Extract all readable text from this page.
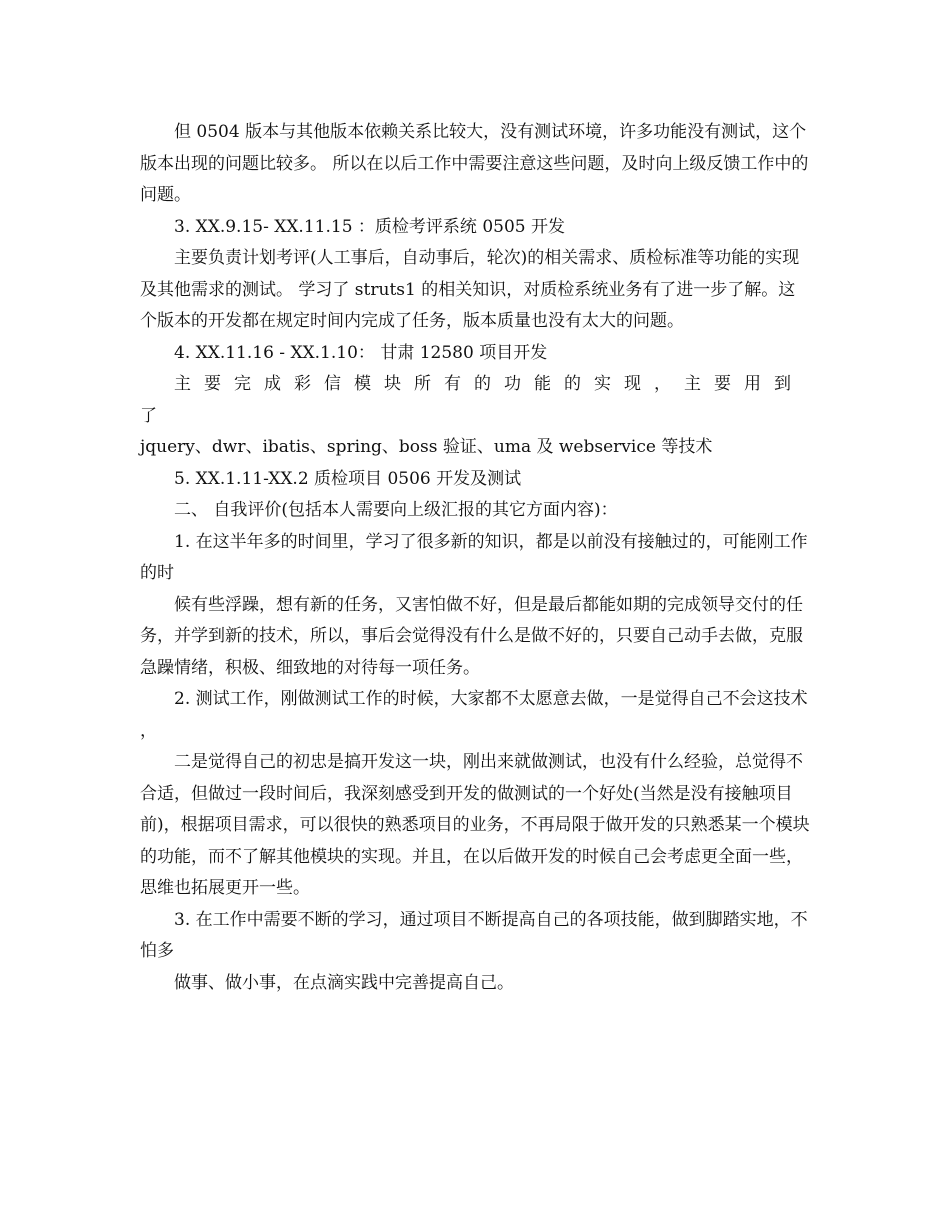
但 0504 版本与其他版本依赖关系比较大，没有测试环境，许多功能没有测试，这个版本出现的问题比较多。 所以在以后工作中需要注意这些问题，及时向上级反馈工作中的问题。

3. XX.9.15- XX.11.15 ：质检考评系统 0505 开发

主要负责计划考评(人工事后，自动事后，轮次)的相关需求、质检标准等功能的实现及其他需求的测试。 学习了 struts1 的相关知识，对质检系统业务有了进一步了解。这个版本的开发都在规定时间内完成了任务，版本质量也没有太大的问题。

4. XX.11.16 - XX.1.10： 甘肃 12580 项目开发

主要完成彩信模块所有的功能的实现，主要用到了

jquery、dwr、ibatis、spring、boss 验证、uma 及 webservice 等技术

5. XX.1.11-XX.2 质检项目 0506 开发及测试

二、 自我评价(包括本人需要向上级汇报的其它方面内容)：

1. 在这半年多的时间里，学习了很多新的知识，都是以前没有接触过的，可能刚工作的时

候有些浮躁，想有新的任务，又害怕做不好，但是最后都能如期的完成领导交付的任务，并学到新的技术，所以，事后会觉得没有什么是做不好的，只要自己动手去做，克服急躁情绪，积极、细致地的对待每一项任务。

2. 测试工作，刚做测试工作的时候，大家都不太愿意去做，一是觉得自己不会这技术 ，

二是觉得自己的初忠是搞开发这一块，刚出来就做测试，也没有什么经验，总觉得不合适，但做过一段时间后，我深刻感受到开发的做测试的一个好处(当然是没有接触项目前)，根据项目需求，可以很快的熟悉项目的业务，不再局限于做开发的只熟悉某一个模块的功能，而不了解其他模块的实现。并且，在以后做开发的时候自己会考虑更全面一些，思维也拓展更开一些。

3. 在工作中需要不断的学习，通过项目不断提高自己的各项技能，做到脚踏实地，不怕多

做事、做小事，在点滴实践中完善提高自己。
